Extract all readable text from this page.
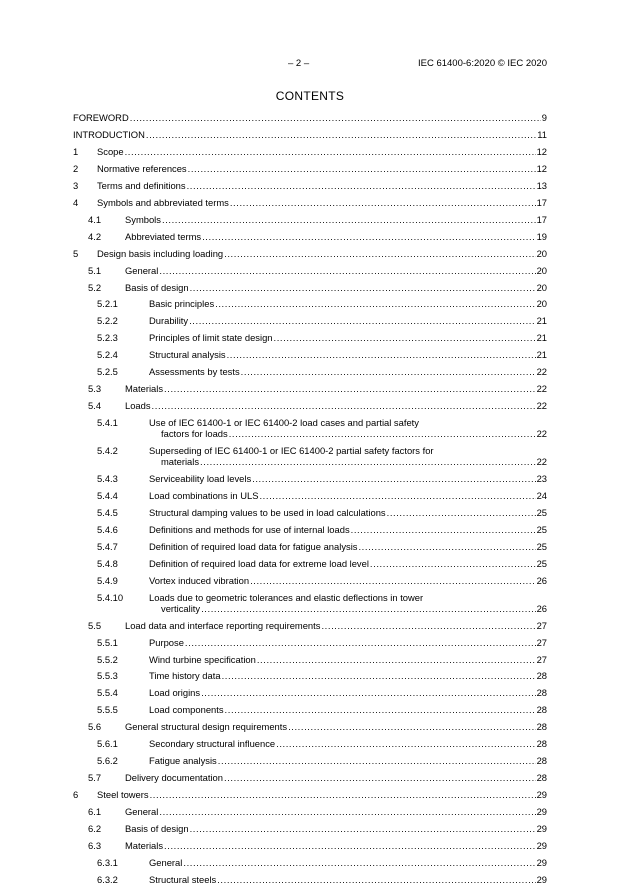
– 2 –	IEC 61400-6:2020 © IEC 2020
CONTENTS
FOREWORD .....	9
INTRODUCTION .....	11
1 Scope .....	12
2 Normative references .....	12
3 Terms and definitions .....	13
4 Symbols and abbreviated terms .....	17
4.1	Symbols .....	17
4.2	Abbreviated terms .....	19
5 Design basis including loading .....	20
5.1	General .....	20
5.2	Basis of design .....	20
5.2.1	Basic principles .....	20
5.2.2	Durability .....	21
5.2.3	Principles of limit state design .....	21
5.2.4	Structural analysis .....	21
5.2.5	Assessments by tests .....	22
5.3	Materials .....	22
5.4	Loads .....	22
5.4.1	Use of IEC 61400-1 or IEC 61400-2 load cases and partial safety
factors for loads .....	22
5.4.2	Superseding of IEC 61400-1 or IEC 61400-2 partial safety factors for
materials .....	22
5.4.3	Serviceability load levels .....	23
5.4.4	Load combinations in ULS .....	24
5.4.5	Structural damping values to be used in load calculations .....	25
5.4.6	Definitions and methods for use of internal loads .....	25
5.4.7	Definition of required load data for fatigue analysis .....	25
5.4.8	Definition of required load data for extreme load level .....	25
5.4.9	Vortex induced vibration .....	26
5.4.10	Loads due to geometric tolerances and elastic deflections in tower
verticality .....	26
5.5	Load data and interface reporting requirements .....	27
5.5.1	Purpose .....	27
5.5.2	Wind turbine specification .....	27
5.5.3	Time history data .....	28
5.5.4	Load origins .....	28
5.5.5	Load components .....	28
5.6	General structural design requirements .....	28
5.6.1	Secondary structural influence .....	28
5.6.2	Fatigue analysis .....	28
5.7	Delivery documentation .....	28
6 Steel towers .....	29
6.1	General .....	29
6.2	Basis of design .....	29
6.3	Materials .....	29
6.3.1	General .....	29
6.3.2	Structural steels .....	29
